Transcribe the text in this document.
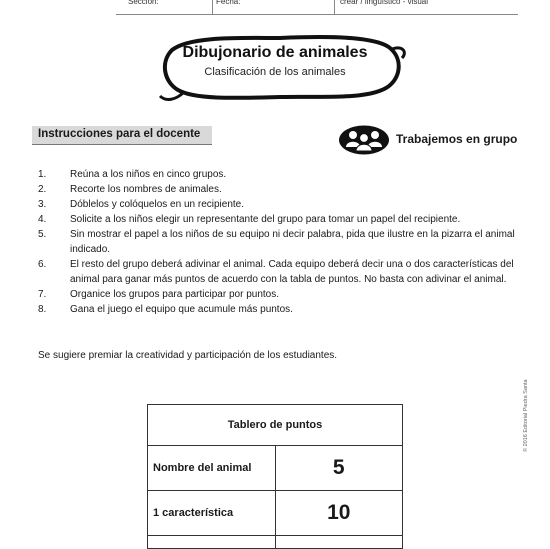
Sección:	Fecha:	crear / lingüístico - visual
Dibujonario de animales
Clasificación de los animales
Instrucciones para el docente	Trabajemos en grupo
1. Reúna a los niños en cinco grupos.
2. Recorte los nombres de animales.
3. Dóblelos y colóquelos en un recipiente.
4. Solicite a los niños elegir un representante del grupo para tomar un papel del recipiente.
5. Sin mostrar el papel a los niños de su equipo ni decir palabra, pida que ilustre en la pizarra el animal indicado.
6. El resto del grupo deberá adivinar el animal. Cada equipo deberá decir una o dos características del animal para ganar más puntos de acuerdo con la tabla de puntos. No basta con adivinar el animal.
7. Organice los grupos para participar por puntos.
8. Gana el juego el equipo que acumule más puntos.
Se sugiere premiar la creatividad y participación de los estudiantes.
Tablero de puntos	
Nombre del animal	5
1 característica	10

© 2016 Editorial Piedra Santa
